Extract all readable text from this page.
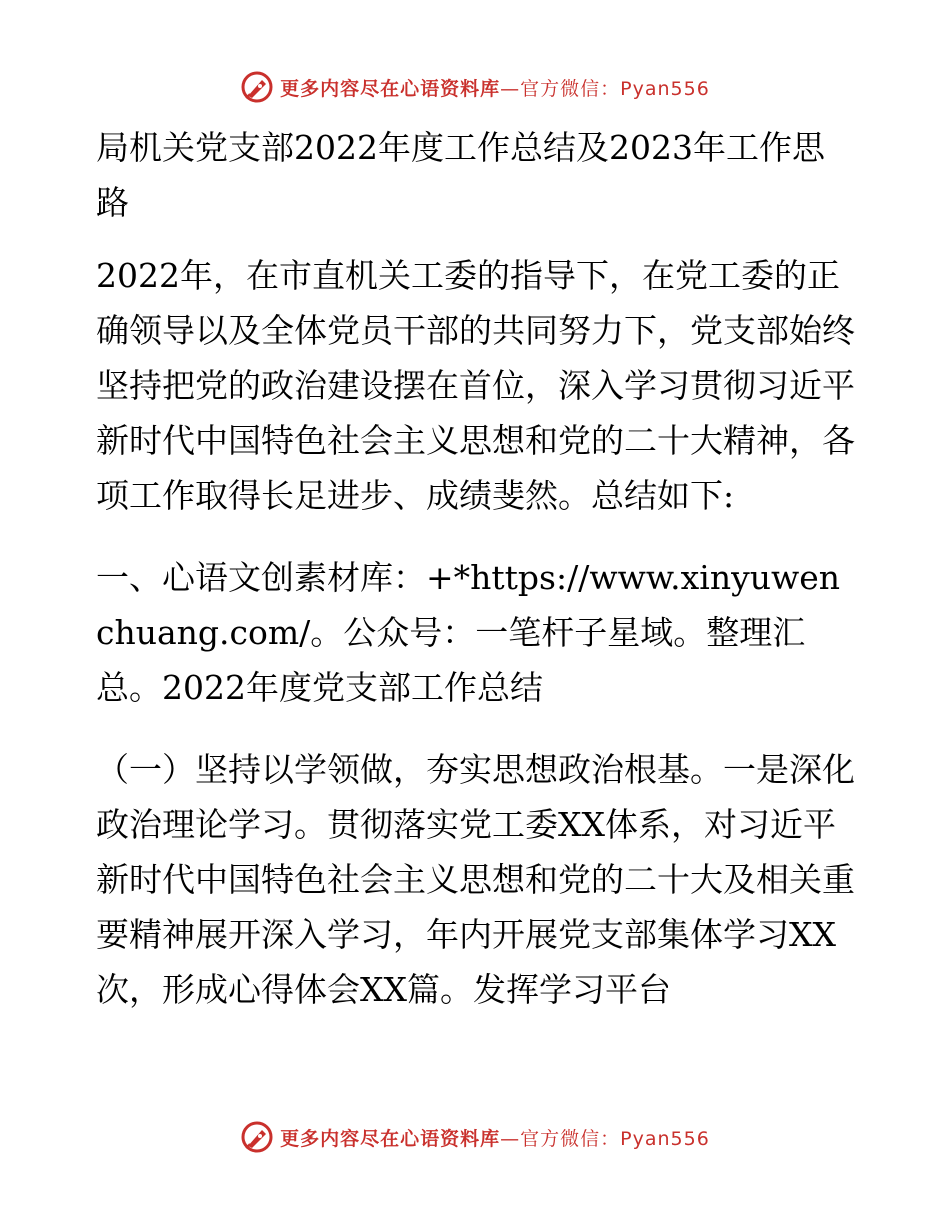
更多内容尽在心语资料库—官方微信：Pyan556

局机关党支部2022年度工作总结及2023年工作思路

2022年，在市直机关工委的指导下，在党工委的正确领导以及全体党员干部的共同努力下，党支部始终坚持把党的政治建设摆在首位，深入学习贯彻习近平新时代中国特色社会主义思想和党的二十大精神，各项工作取得长足进步、成绩斐然。总结如下:

一、心语文创素材库：+*https://www.xinyuwenchuang.com/。公众号：一笔杆子星域。整理汇总。2022年度党支部工作总结

（一）坚持以学领做，夯实思想政治根基。一是深化政治理论学习。贯彻落实党工委XX体系，对习近平新时代中国特色社会主义思想和党的二十大及相关重要精神展开深入学习，年内开展党支部集体学习XX次，形成心得体会XX篇。发挥学习平台

更多内容尽在心语资料库—官方微信：Pyan556
